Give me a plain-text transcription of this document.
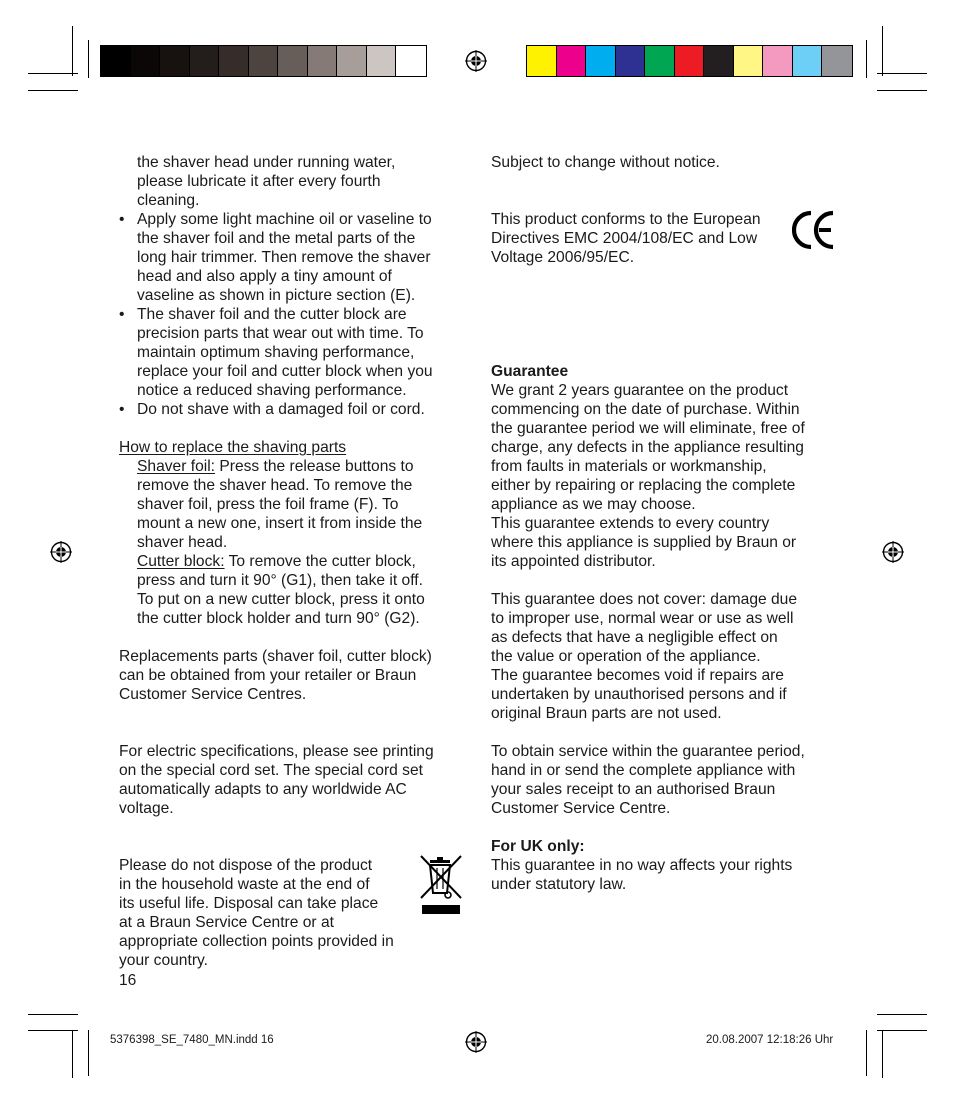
the shaver head under running water,

please lubricate it after every fourth

cleaning.

• Apply some light machine oil or vaseline to

the shaver foil and the metal parts of the

long hair trimmer. Then remove the shaver

head and also apply a tiny amount of

vaseline as shown in picture section (E).

• The shaver foil and the cutter block are

precision parts that wear out with time. To

maintain optimum shaving performance,

replace your foil and cutter block when you

notice a reduced shaving performance.

• Do not shave with a damaged foil or cord.

How to replace the shaving parts

Shaver foil: Press the release buttons to

remove the shaver head. To remove the

shaver foil, press the foil frame (F). To

mount a new one, insert it from inside the

shaver head.

Cutter block: To remove the cutter block,

press and turn it 90° (G1), then take it off.

To put on a new cutter block, press it onto

the cutter block holder and turn 90° (G2).

Replacements parts (shaver foil, cutter block)

can be obtained from your retailer or Braun

Customer Service Centres.

For electric specifications, please see printing

on the special cord set. The special cord set

automatically adapts to any worldwide AC

voltage.

Please do not dispose of the product

in the household waste at the end of

its useful life. Disposal can take place

at a Braun Service Centre or at

appropriate collection points provided in

your country.

16

Subject to change without notice.

This product conforms to the European

Directives EMC 2004/108/EC and Low

Voltage 2006/95/EC.

Guarantee

We grant 2 years guarantee on the product

commencing on the date of purchase. Within

the guarantee period we will eliminate, free of

charge, any defects in the appliance resulting

from faults in materials or workmanship,

either by repairing or replacing the complete

appliance as we may choose.

This guarantee extends to every country

where this appliance is supplied by Braun or

its appointed distributor.

This guarantee does not cover: damage due

to improper use, normal wear or use as well

as defects that have a negligible effect on

the value or operation of the appliance.

The guarantee becomes void if repairs are

undertaken by unauthorised persons and if

original Braun parts are not used.

To obtain service within the guarantee period,

hand in or send the complete appliance with

your sales receipt to an authorised Braun

Customer Service Centre.

For UK only:

This guarantee in no way affects your rights

under statutory law.

5376398_SE_7480_MN.indd 16	20.08.2007 12:18:26 Uhr
